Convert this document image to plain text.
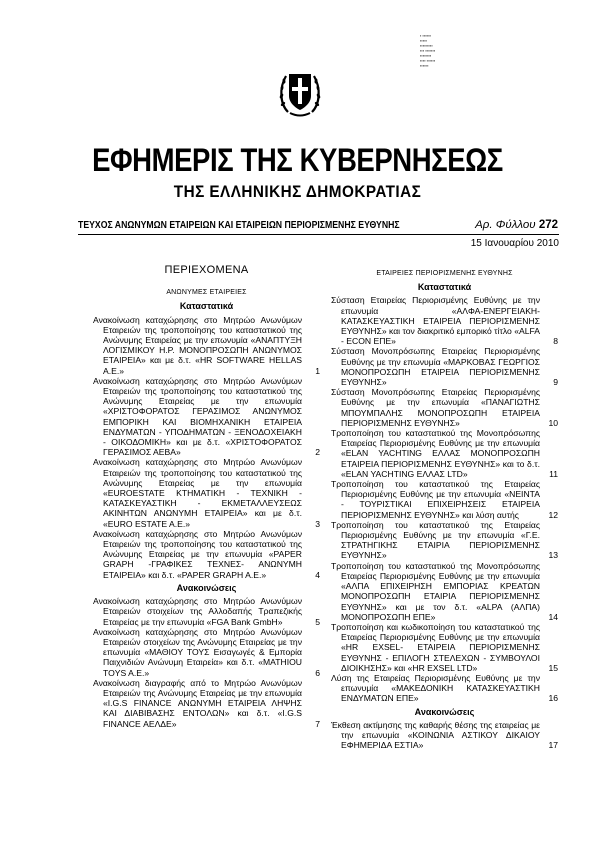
▪ ▪▪▪▪▪▪
▪▪▪▪▪
▪▪▪▪▪▪▪▪▪
▪▪▪ ▪▪▪▪▪▪▪
▪▪▪▪▪▪▪▪
▪▪▪▪ ▪▪▪▪▪▪
▪▪▪▪▪▪
ΕΦΗΜΕΡΙΣ ΤΗΣ ΚΥΒΕΡΝΗΣΕΩΣ
ΤΗΣ ΕΛΛΗΝΙΚΗΣ ΔΗΜΟΚΡΑΤΙΑΣ
ΤΕΥΧΟΣ ΑΝΩΝΥΜΩΝ ΕΤΑΙΡΕΙΩΝ ΚΑΙ ΕΤΑΙΡΕΙΩΝ ΠΕΡΙΟΡΙΣΜΕΝΗΣ ΕΥΘΥΝΗΣ	Αρ. Φύλλου 272
15 Ιανουαρίου 2010
ΠΕΡΙΕΧΟΜΕΝΑ
ΑΝΩΝΥΜΕΣ ΕΤΑΙΡΕΙΕΣ
Καταστατικά
Ανακοίνωση καταχώρησης στο Μητρώο Ανωνύμων Εταιρειών της τροποποίησης του καταστατικού της Ανώνυμης Εταιρείας με την επωνυμία «ΑΝΑΠΤΥΞΗ ΛΟΓΙΣΜΙΚΟΥ Η.Ρ. ΜΟΝΟΠΡΟΣΩΠΗ ΑΝΩΝΥΜΟΣ ΕΤΑΙΡΕΙΑ» και με δ.τ. «HR SOFTWARE HELLAS A.E.»	1
Ανακοίνωση καταχώρησης στο Μητρώο Ανωνύμων Εταιρειών της τροποποίησης του καταστατικού της Ανώνυμης Εταιρείας με την επωνυμία «ΧΡΙΣΤΟΦΟΡΑΤΟΣ ΓΕΡΑΣΙΜΟΣ ΑΝΩΝΥΜΟΣ ΕΜΠΟΡΙΚΗ ΚΑΙ ΒΙΟΜΗΧΑΝΙΚΗ ΕΤΑΙΡΕΙΑ ΕΝΔΥΜΑΤΩΝ - ΥΠΟΔΗΜΑΤΩΝ - ΞΕΝΟΔΟΧΕΙΑΚΗ - ΟΙΚΟΔΟΜΙΚΗ» και με δ.τ. «ΧΡΙΣΤΟΦΟΡΑΤΟΣ ΓΕΡΑΣΙΜΟΣ ΑΕΒΑ»	2
Ανακοίνωση καταχώρησης στο Μητρώο Ανωνύμων Εταιρειών της τροποποίησης του καταστατικού της Ανώνυμης Εταιρείας με την επωνυμία «EUROESTATE ΚΤΗΜΑΤΙΚΗ - ΤΕΧΝΙΚΗ - ΚΑΤΑΣΚΕΥΑΣΤΙΚΗ - ΕΚΜΕΤΑΛΛΕΥΣΕΩΣ ΑΚΙΝΗΤΩΝ ΑΝΩΝΥΜΗ ΕΤΑΙΡΕΙΑ» και με δ.τ. «EURO ESTATE A.E.»	3
Ανακοίνωση καταχώρησης στο Μητρώο Ανωνύμων Εταιρειών της τροποποίησης του καταστατικού της Ανώνυμης Εταιρείας με την επωνυμία «PAPER GRAPH -ΓΡΑΦΙΚΕΣ ΤΕΧΝΕΣ- ΑΝΩΝΥΜΗ ΕΤΑΙΡΕΙΑ» και δ.τ. «PAPER GRAPH A.E.»	4
Ανακοινώσεις
Ανακοίνωση καταχώρησης στο Μητρώο Ανωνύμων Εταιρειών στοιχείων της Αλλοδαπής Τραπεζικής Εταιρείας με την επωνυμία «FGA Bank GmbH»	5
Ανακοίνωση καταχώρησης στο Μητρώο Ανωνύμων Εταιρειών στοιχείων της Ανώνυμης Εταιρείας με την επωνυμία «ΜΑΘΙΟΥ ΤΟΥΣ Εισαγωγές & Εμπορία Παιχνιδιών Ανώνυμη Εταιρεία» και δ.τ. «MATHIOU TOYS A.E.»	6
Ανακοίνωση διαγραφής από το Μητρώο Ανωνύμων Εταιρειών της Ανώνυμης Εταιρείας με την επωνυμία «I.G.S FINANCE ΑΝΩΝΥΜΗ ΕΤΑΙΡΕΙΑ ΛΗΨΗΣ ΚΑΙ ΔΙΑΒΙΒΑΣΗΣ ΕΝΤΟΛΩΝ» και δ.τ. «I.G.S FINANCE ΑΕΛΔΕ»	7
ΕΤΑΙΡΕΙΕΣ ΠΕΡΙΟΡΙΣΜΕΝΗΣ ΕΥΘΥΝΗΣ
Καταστατικά
Σύσταση Εταιρείας Περιορισμένης Ευθύνης με την επωνυμία «ΑΛΦΑ-ΕΝΕΡΓΕΙΑΚΗ-ΚΑΤΑΣΚΕΥΑΣΤΙΚΗ ΕΤΑΙΡΕΙΑ ΠΕΡΙΟΡΙΣΜΕΝΗΣ ΕΥΘΥΝΗΣ» και τον διακριτικό εμπορικό τίτλο «ALFA - ECON ΕΠΕ»	8
Σύσταση Μονοπρόσωπης Εταιρείας Περιορισμένης Ευθύνης με την επωνυμία «ΜΑΡΚΟΒΑΣ ΓΕΩΡΓΙΟΣ ΜΟΝΟΠΡΟΣΩΠΗ ΕΤΑΙΡΕΙΑ ΠΕΡΙΟΡΙΣΜΕΝΗΣ ΕΥΘΥΝΗΣ»	9
Σύσταση Μονοπρόσωπης Εταιρείας Περιορισμένης Ευθύνης με την επωνυμία «ΠΑΝΑΓΙΩΤΗΣ ΜΠΟΥΜΠΑΛΗΣ ΜΟΝΟΠΡΟΣΩΠΗ ΕΤΑΙΡΕΙΑ ΠΕΡΙΟΡΙΣΜΕΝΗΣ ΕΥΘΥΝΗΣ»	10
Τροποποίηση του καταστατικού της Μονοπρόσωπης Εταιρείας Περιορισμένης Ευθύνης με την επωνυμία «ELAN YACHTING ΕΛΛΑΣ ΜΟΝΟΠΡΟΣΩΠΗ ΕΤΑΙΡΕΙΑ ΠΕΡΙΟΡΙΣΜΕΝΗΣ ΕΥΘΥΝΗΣ» και το δ.τ. «ELAN YACHTING ΕΛΛΑΣ LTD»	11
Τροποποίηση του καταστατικού της Εταιρείας Περιορισμένης Ευθύνης με την επωνυμία «ΝΕΙΝΤΑ - ΤΟΥΡΙΣΤΙΚΑΙ ΕΠΙΧΕΙΡΗΣΕΙΣ ΕΤΑΙΡΕΙΑ ΠΕΡΙΟΡΙΣΜΕΝΗΣ ΕΥΘΥΝΗΣ» και λύση αυτής	12
Τροποποίηση του καταστατικού της Εταιρείας Περιορισμένης Ευθύνης με την επωνυμία «Γ.Ε. ΣΤΡΑΤΗΓΙΚΗΣ ΕΤΑΙΡΙΑ ΠΕΡΙΟΡΙΣΜΕΝΗΣ ΕΥΘΥΝΗΣ»	13
Τροποποίηση του καταστατικού της Μονοπρόσωπης Εταιρείας Περιορισμένης Ευθύνης με την επωνυμία «ΑΛΠΑ ΕΠΙΧΕΙΡΗΣΗ ΕΜΠΟΡΙΑΣ ΚΡΕΑΤΩΝ ΜΟΝΟΠΡΟΣΩΠΗ ΕΤΑΙΡΙΑ ΠΕΡΙΟΡΙΣΜΕΝΗΣ ΕΥΘΥΝΗΣ» και με τον δ.τ. «ALPA (ΑΛΠΑ) ΜΟΝΟΠΡΟΣΩΠΗ ΕΠΕ»	14
Τροποποίηση και κωδικοποίηση του καταστατικού της Εταιρείας Περιορισμένης Ευθύνης με την επωνυμία «HR EXSEL- ΕΤΑΙΡΕΙΑ ΠΕΡΙΟΡΙΣΜΕΝΗΣ ΕΥΘΥΝΗΣ - ΕΠΙΛΟΓΗ ΣΤΕΛΕΧΩΝ - ΣΥΜΒΟΥΛΟΙ ΔΙΟΙΚΗΣΗΣ» και «HR EXSEL LTD»	15
Λύση της Εταιρείας Περιορισμένης Ευθύνης με την επωνυμία «ΜΑΚΕΔΟΝΙΚΗ ΚΑΤΑΣΚΕΥΑΣΤΙΚΗ ΕΝΔΥΜΑΤΩΝ ΕΠΕ»	16
Ανακοινώσεις
Έκθεση ακτίμησης της καθαρής θέσης της εταιρείας με την επωνυμία «ΚΟΙΝΩΝΙΑ ΑΣΤΙΚΟΥ ΔΙΚΑΙΟΥ ΕΦΗΜΕΡΙΔΑ ΕΣΤΙΑ»	17
